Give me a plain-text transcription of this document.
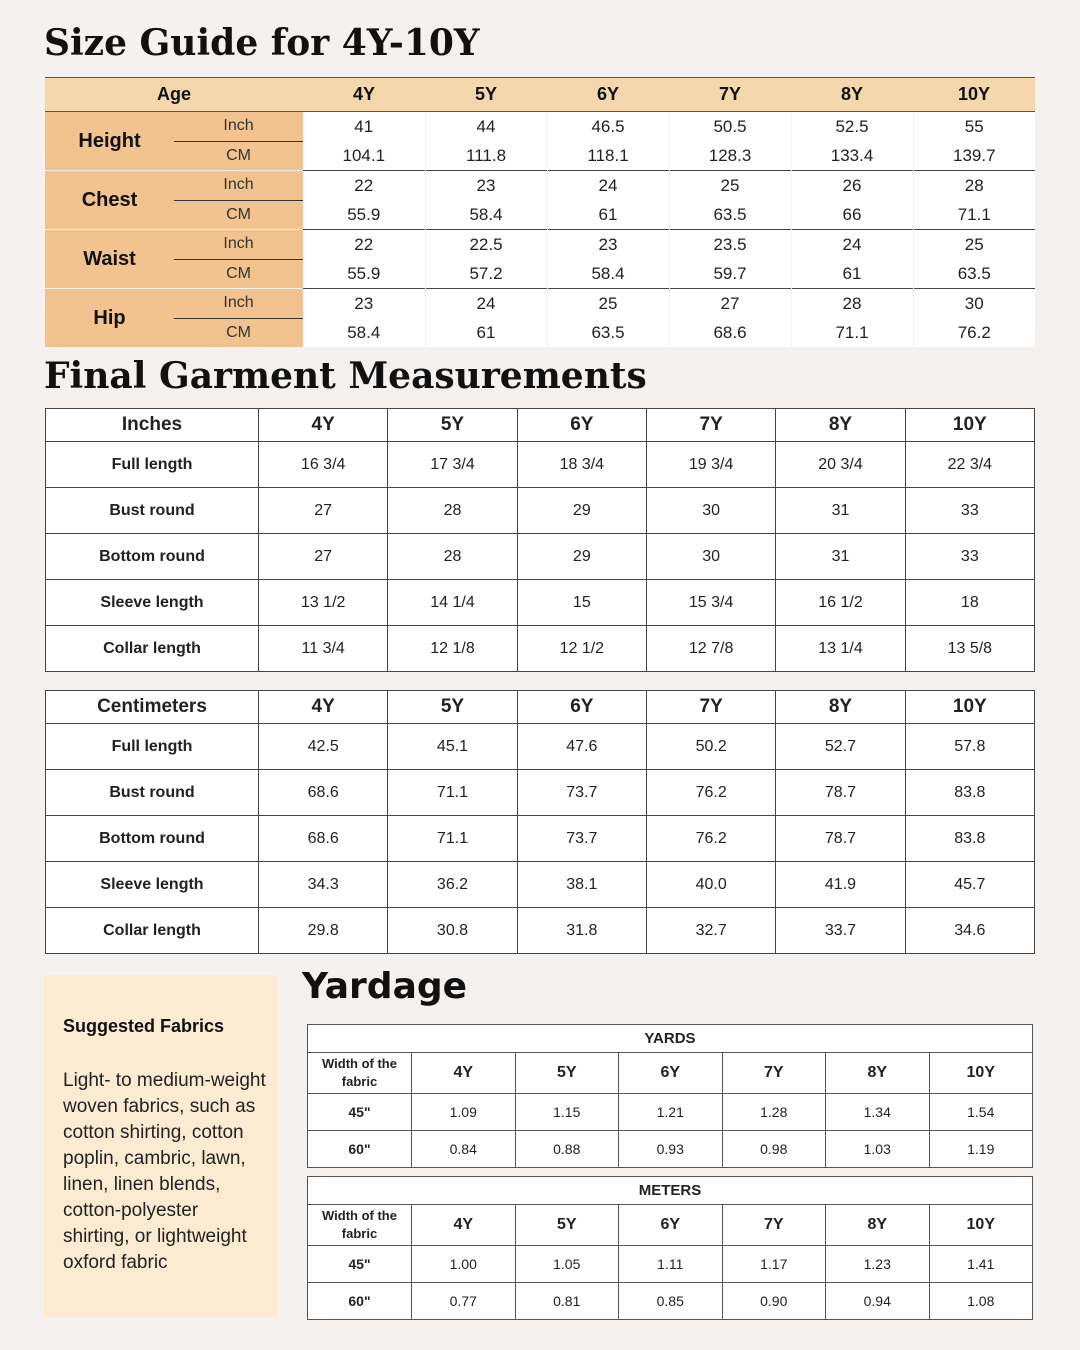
Size Guide for 4Y-10Y
Age		4Y	5Y	6Y	7Y	8Y	10Y
Height	Inch	41	44	46.5	50.5	52.5	55
	CM	104.1	111.8	118.1	128.3	133.4	139.7
Chest	Inch	22	23	24	25	26	28
	CM	55.9	58.4	61	63.5	66	71.1
Waist	Inch	22	22.5	23	23.5	24	25
	CM	55.9	57.2	58.4	59.7	61	63.5
Hip	Inch	23	24	25	27	28	30
	CM	58.4	61	63.5	68.6	71.1	76.2
Final Garment Measurements
Inches	4Y	5Y	6Y	7Y	8Y	10Y
Full length	16 3/4	17 3/4	18 3/4	19 3/4	20 3/4	22 3/4
Bust round	27	28	29	30	31	33
Bottom round	27	28	29	30	31	33
Sleeve length	13 1/2	14 1/4	15	15 3/4	16 1/2	18
Collar length	11 3/4	12 1/8	12 1/2	12 7/8	13 1/4	13 5/8
Centimeters	4Y	5Y	6Y	7Y	8Y	10Y
Full length	42.5	45.1	47.6	50.2	52.7	57.8
Bust round	68.6	71.1	73.7	76.2	78.7	83.8
Bottom round	68.6	71.1	73.7	76.2	78.7	83.8
Sleeve length	34.3	36.2	38.1	40.0	41.9	45.7
Collar length	29.8	30.8	31.8	32.7	33.7	34.6
Suggested Fabrics
Light- to medium-weight woven fabrics, such as cotton shirting, cotton poplin, cambric, lawn, linen, linen blends, cotton-polyester shirting, or lightweight oxford fabric
Yardage
YARDS						
Width of the fabric	4Y	5Y	6Y	7Y	8Y	10Y
45"	1.09	1.15	1.21	1.28	1.34	1.54
60"	0.84	0.88	0.93	0.98	1.03	1.19
METERS						
Width of the fabric	4Y	5Y	6Y	7Y	8Y	10Y
45"	1.00	1.05	1.11	1.17	1.23	1.41
60"	0.77	0.81	0.85	0.90	0.94	1.08
